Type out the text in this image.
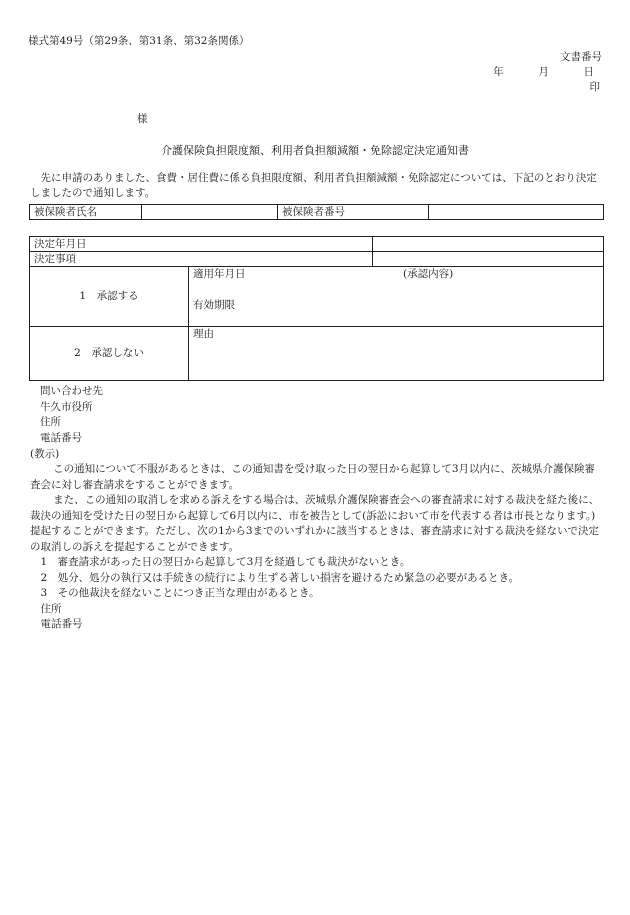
様式第49号（第29条、第31条、第32条関係）
文書番号
年	月	日
印
様
介護保険負担限度額、利用者負担額減額・免除認定決定通知書

先に申請のありました、食費・居住費に係る負担限度額、利用者負担額減額・免除認定については、下記のとおり決定しましたので通知します。

被保険者氏名		被保険者番号	
決定年月日		
決定事項		
1　承認する	適用年月日 (承認内容)
有効期限	

2　承認しない	理由	
問い合わせ先
牛久市役所
住所
電話番号
(教示)

この通知について不服があるときは、この通知書を受け取った日の翌日から起算して3月以内に、茨城県介護保険審査会に対し審査請求をすることができます。

また、この通知の取消しを求める訴えをする場合は、茨城県介護保険審査会への審査請求に対する裁決を経た後に、裁決の通知を受けた日の翌日から起算して6月以内に、市を被告として(訴訟において市を代表する者は市長となります。)提起することができます。ただし、次の1から3までのいずれかに該当するときは、審査請求に対する裁決を経ないで決定の取消しの訴えを提起することができます。

1　審査請求があった日の翌日から起算して3月を経過しても裁決がないとき。

2　処分、処分の執行又は手続きの続行により生ずる著しい損害を避けるため緊急の必要があるとき。

3　その他裁決を経ないことにつき正当な理由があるとき。

住所

電話番号
